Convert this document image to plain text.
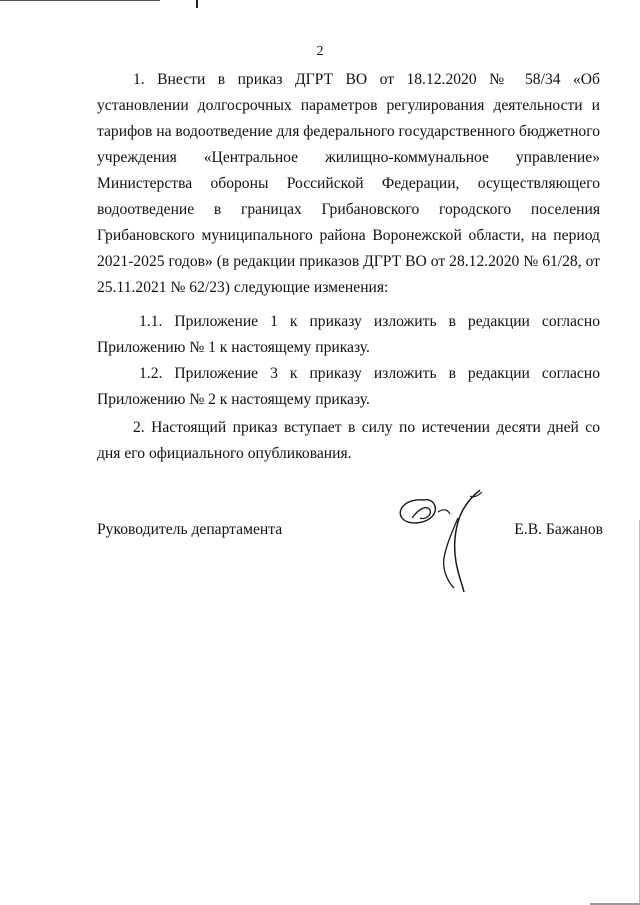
2

1. Внести в приказ ДГРТ ВО от 18.12.2020 № 58/34 «Об установлении долгосрочных параметров регулирования деятельности и тарифов на водоотведение для федерального государственного бюджетного учреждения «Центральное жилищно-коммунальное управление» Министерства обороны Российской Федерации, осуществляющего водоотведение в границах Грибановского городского поселения Грибановского муниципального района Воронежской области, на период 2021-2025 годов» (в редакции приказов ДГРТ ВО от 28.12.2020 № 61/28, от 25.11.2021 № 62/23) следующие изменения:

1.1. Приложение 1 к приказу изложить в редакции согласно Приложению № 1 к настоящему приказу.

1.2. Приложение 3 к приказу изложить в редакции согласно Приложению № 2 к настоящему приказу.

2. Настоящий приказ вступает в силу по истечении десяти дней со дня его официального опубликования.

Руководитель департамента	Е.В. Бажанов
